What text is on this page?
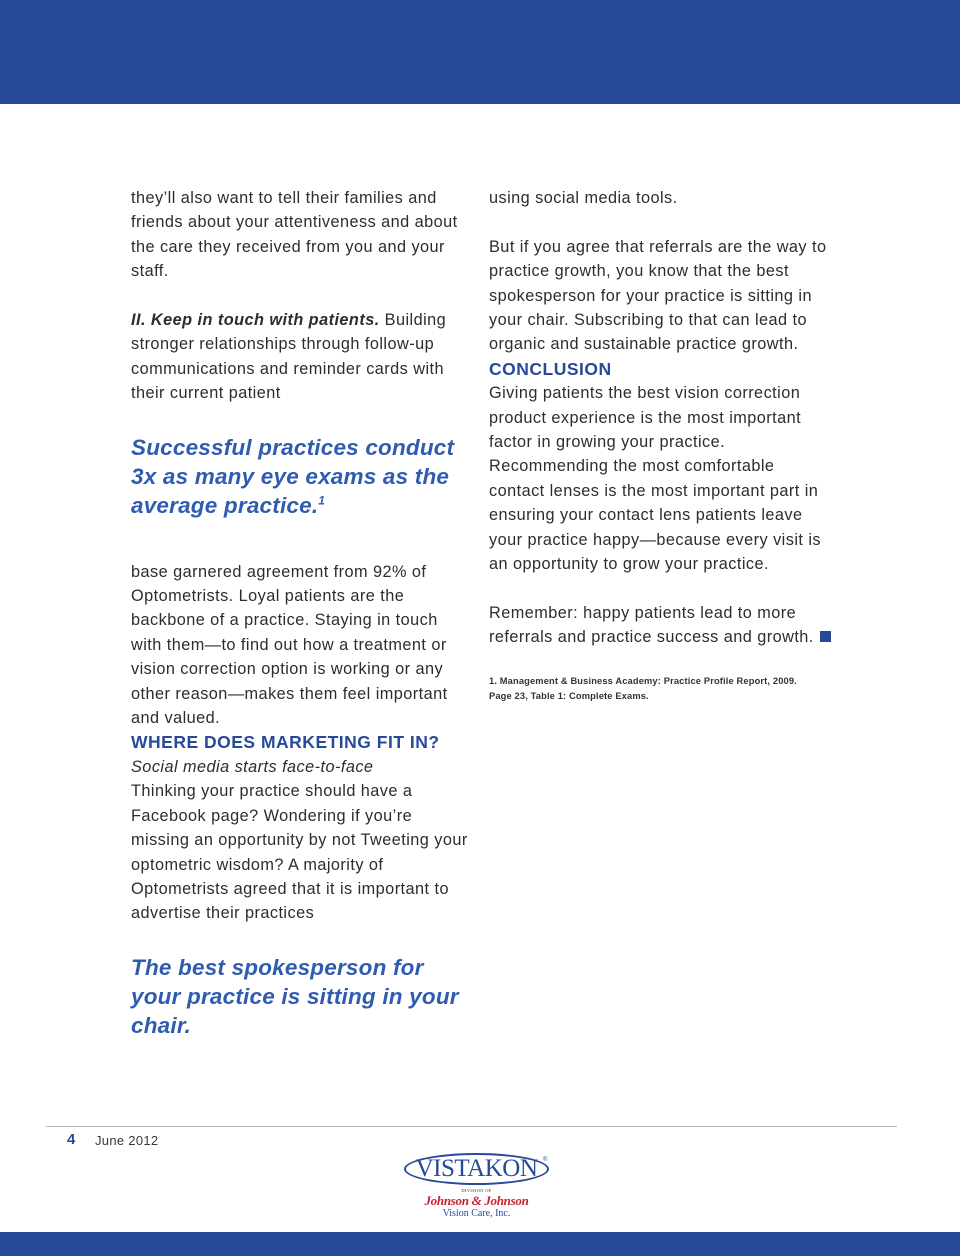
they’ll also want to tell their families and friends about your attentiveness and about the care they received from you and your staff.

II. Keep in touch with patients. Building stronger relationships through follow-up communications and reminder cards with their current patient

Successful practices conduct 3x as many eye exams as the average practice.$^1$

base garnered agreement from 92% of Optometrists. Loyal patients are the backbone of a practice. Staying in touch with them—to find out how a treatment or vision correction option is working or any other reason—makes them feel important and valued.

WHERE DOES MARKETING FIT IN?

Social media starts face-to-face

Thinking your practice should have a Facebook page? Wondering if you’re missing an opportunity by not Tweeting your optometric wisdom? A majority of Optometrists agreed that it is important to advertise their practices

The best spokesperson for your practice is sitting in your chair.

using social media tools.

But if you agree that referrals are the way to practice growth, you know that the best spokesperson for your practice is sitting in your chair. Subscribing to that can lead to organic and sustainable practice growth.

CONCLUSION

Giving patients the best vision correction product experience is the most important factor in growing your practice. Recommending the most comfortable contact lenses is the most important part in ensuring your contact lens patients leave your practice happy—because every visit is an opportunity to grow your practice.

Remember: happy patients lead to more referrals and practice success and growth.

1. Management & Business Academy: Practice Profile Report, 2009.

Page 23, Table 1: Complete Exams.

4 June 2012
VISTAKON ®
DIVISION OF
Johnson & Johnson
Vision Care, Inc.
